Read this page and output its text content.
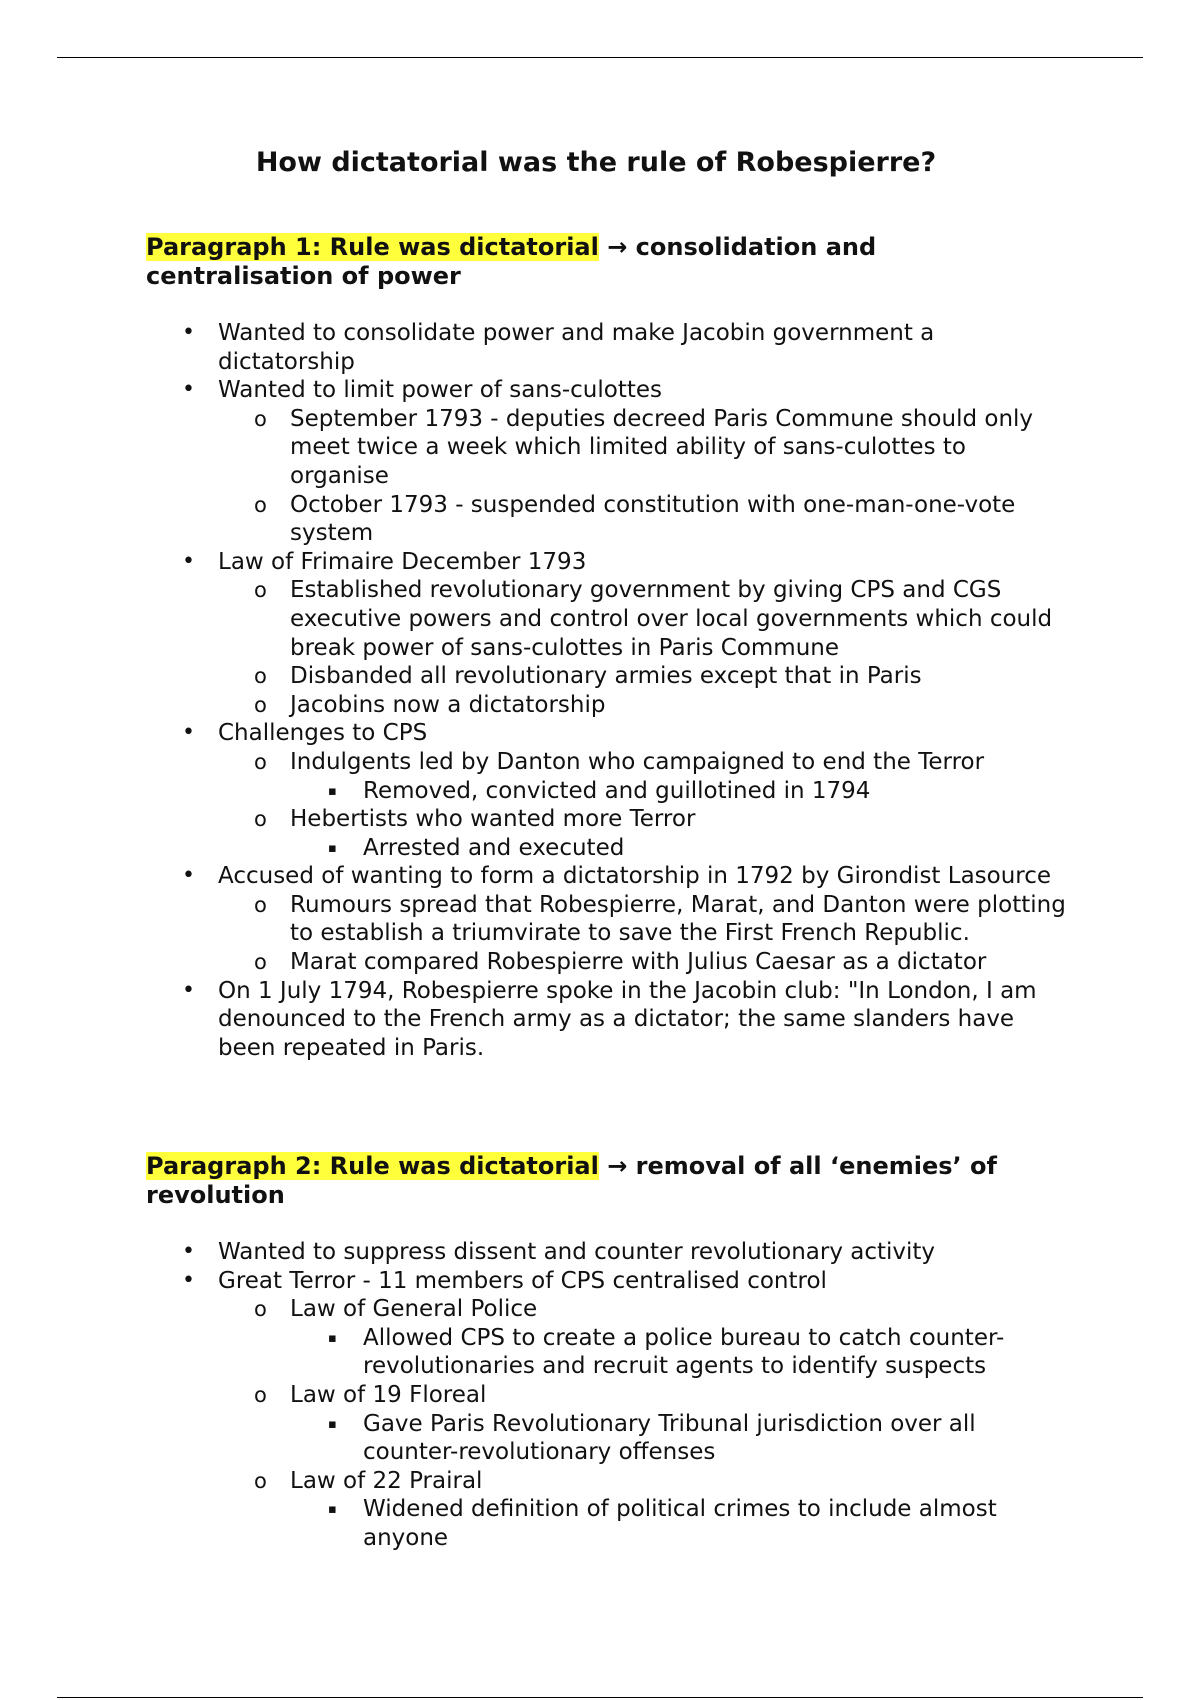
How dictatorial was the rule of Robespierre?

Paragraph 1: Rule was dictatorial → consolidation and centralisation of power

• Wanted to consolidate power and make Jacobin government a dictatorship
• Wanted to limit power of sans-culottes
o September 1793 - deputies decreed Paris Commune should only meet twice a week which limited ability of sans-culottes to organise
o October 1793 - suspended constitution with one-man-one-vote system
• Law of Frimaire December 1793
o Established revolutionary government by giving CPS and CGS executive powers and control over local governments which could break power of sans-culottes in Paris Commune
o Disbanded all revolutionary armies except that in Paris
o Jacobins now a dictatorship
• Challenges to CPS
o Indulgents led by Danton who campaigned to end the Terror
▪ Removed, convicted and guillotined in 1794
o Hebertists who wanted more Terror
▪ Arrested and executed
• Accused of wanting to form a dictatorship in 1792 by Girondist Lasource
o Rumours spread that Robespierre, Marat, and Danton were plotting to establish a triumvirate to save the First French Republic.
o Marat compared Robespierre with Julius Caesar as a dictator
• On 1 July 1794, Robespierre spoke in the Jacobin club: "In London, I am denounced to the French army as a dictator; the same slanders have been repeated in Paris.

Paragraph 2: Rule was dictatorial → removal of all ‘enemies’ of revolution

• Wanted to suppress dissent and counter revolutionary activity
• Great Terror - 11 members of CPS centralised control
o Law of General Police
▪ Allowed CPS to create a police bureau to catch counter-revolutionaries and recruit agents to identify suspects
o Law of 19 Floreal
▪ Gave Paris Revolutionary Tribunal jurisdiction over all counter-revolutionary offenses
o Law of 22 Prairal
▪ Widened definition of political crimes to include almost anyone
